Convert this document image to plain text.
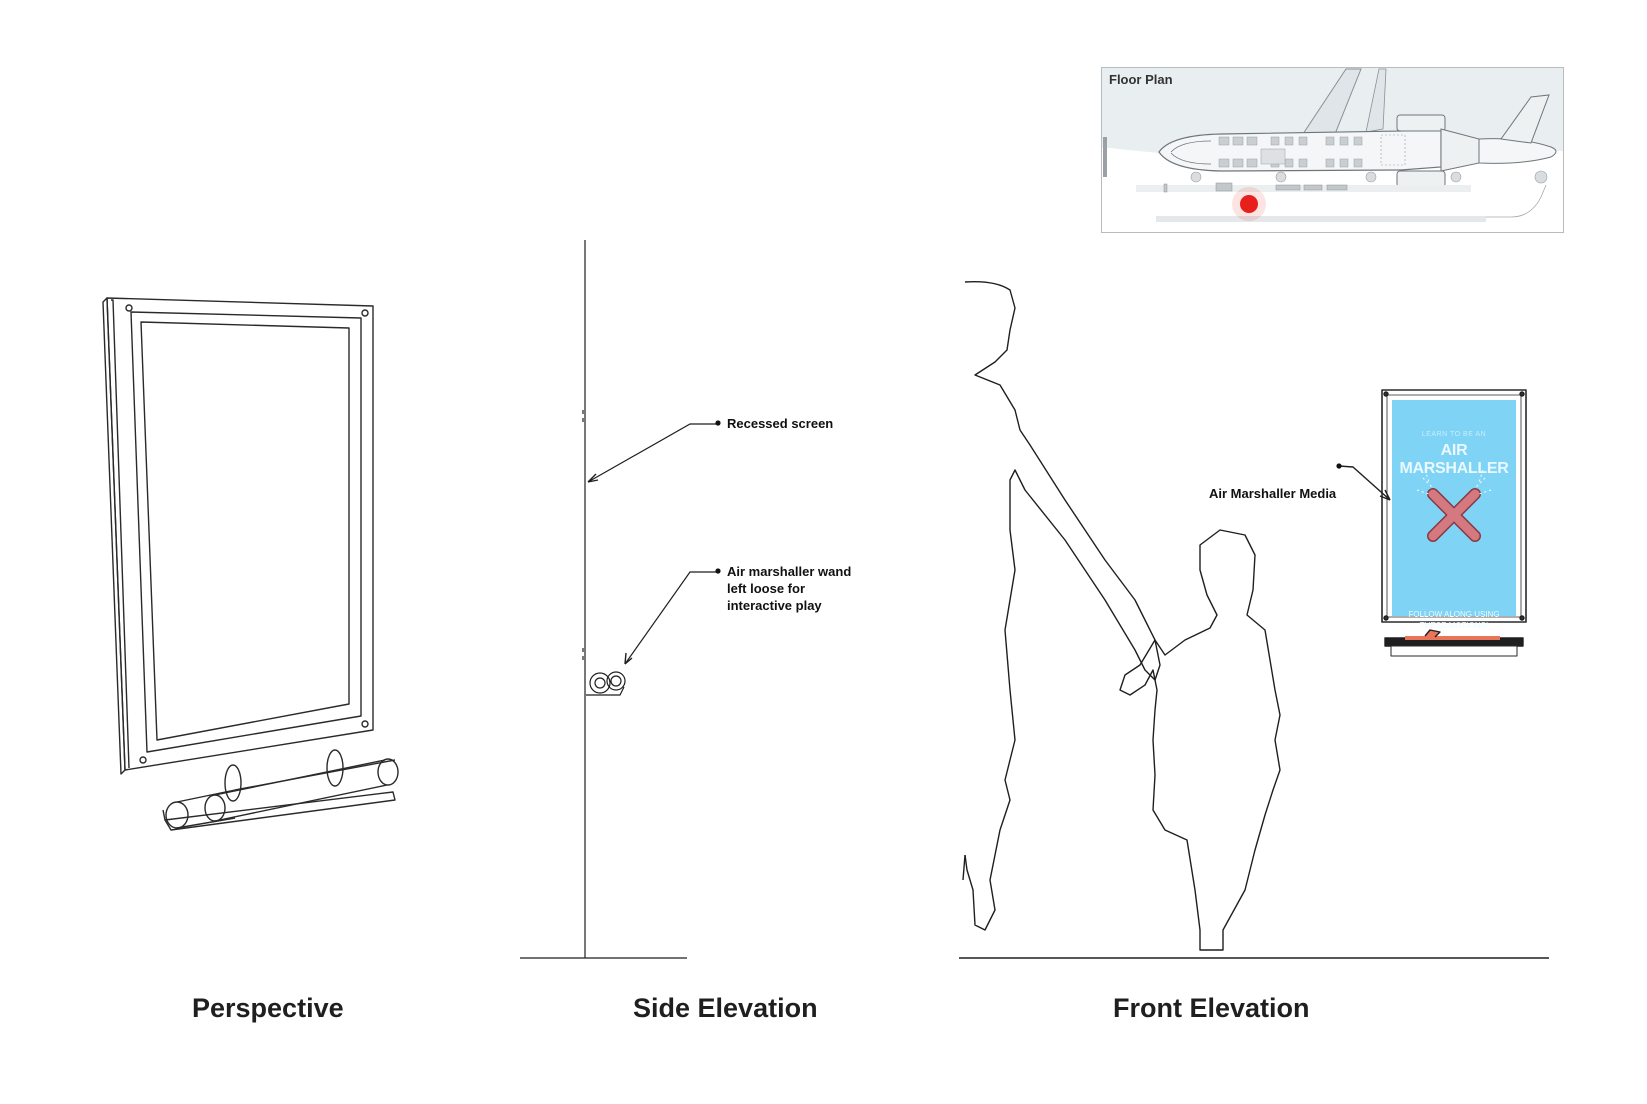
Floor Plan
Recessed screen
Air marshaller wand
left loose for
interactive play
Air Marshaller Media
LEARN TO BE AN
AIR MARSHALLER
FOLLOW ALONG USING
THESE MOTIONS!
Perspective	Side Elevation	Front Elevation
